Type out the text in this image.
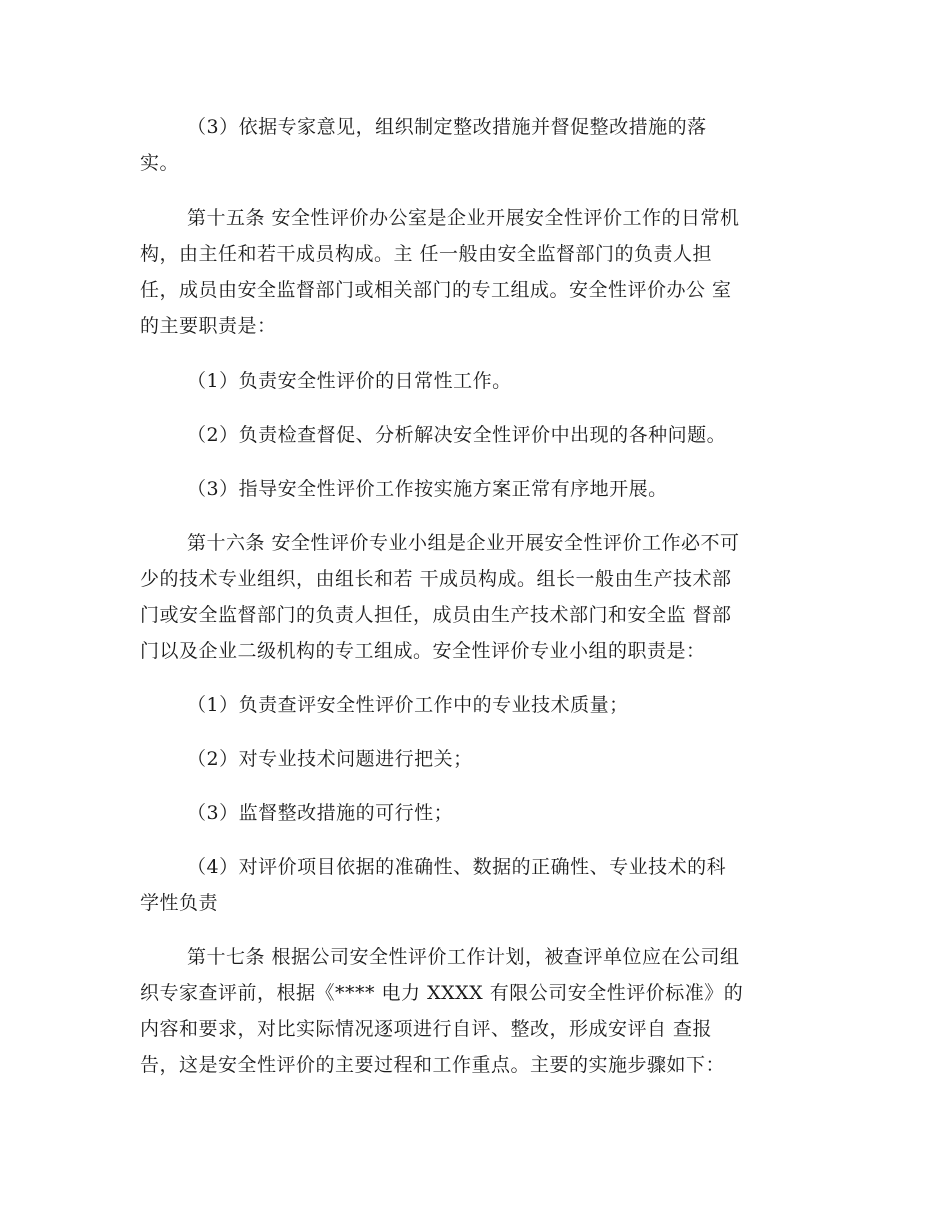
（3）依据专家意见，组织制定整改措施并督促整改措施的落
实。
第十五条 安全性评价办公室是企业开展安全性评价工作的日常机
构，由主任和若干成员构成。主 任一般由安全监督部门的负责人担
任，成员由安全监督部门或相关部门的专工组成。安全性评价办公 室
的主要职责是：
（1）负责安全性评价的日常性工作。
（2）负责检查督促、分析解决安全性评价中出现的各种问题。
（3）指导安全性评价工作按实施方案正常有序地开展。
第十六条 安全性评价专业小组是企业开展安全性评价工作必不可
少的技术专业组织，由组长和若 干成员构成。组长一般由生产技术部
门或安全监督部门的负责人担任，成员由生产技术部门和安全监 督部
门以及企业二级机构的专工组成。安全性评价专业小组的职责是：
（1）负责查评安全性评价工作中的专业技术质量；
（2）对专业技术问题进行把关；
（3）监督整改措施的可行性；
（4）对评价项目依据的准确性、数据的正确性、专业技术的科
学性负责
第十七条 根据公司安全性评价工作计划，被查评单位应在公司组
织专家查评前，根据《**** 电力 XXXX 有限公司安全性评价标准》的
内容和要求，对比实际情况逐项进行自评、整改，形成安评自 查报
告，这是安全性评价的主要过程和工作重点。主要的实施步骤如下：
